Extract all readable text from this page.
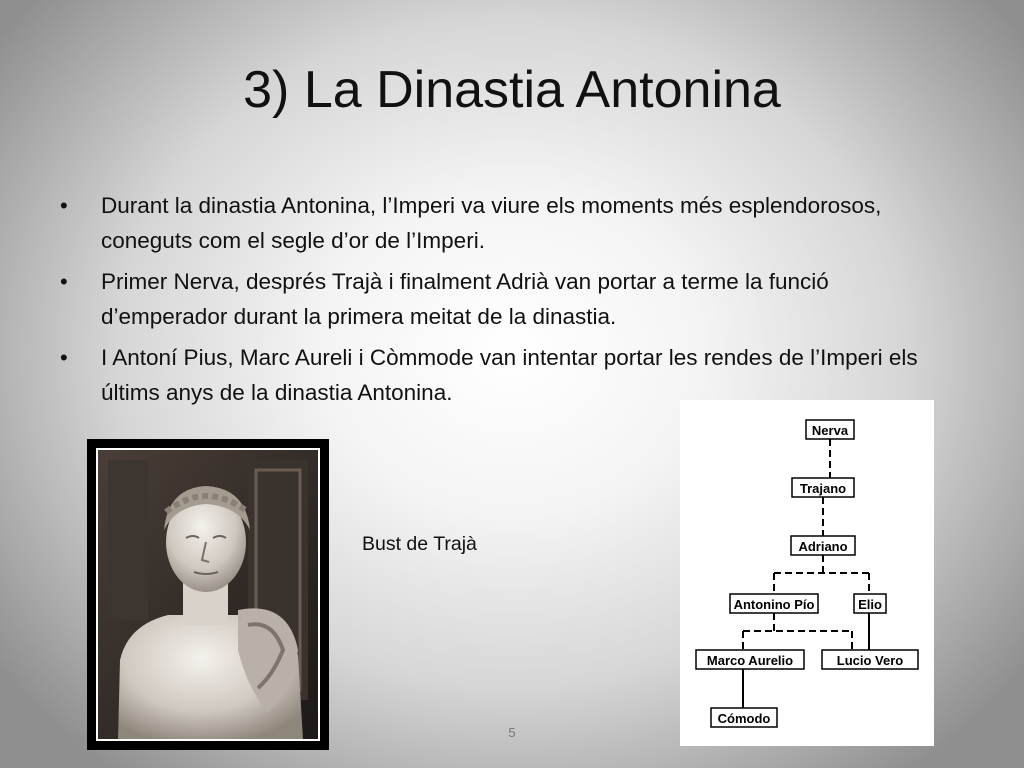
3) La Dinastia Antonina
• Durant la dinastia Antonina, l’Imperi va viure els moments més esplendorosos, coneguts com el segle d’or de l’Imperi.
• Primer Nerva, després Trajà i finalment Adrià van portar a terme la funció d’emperador durant la primera meitat de la dinastia.
• I Antoní Pius, Marc Aureli i Còmmode van intentar portar les rendes de l’Imperi els últims anys de la dinastia Antonina.
Bust de Trajà
Nerva
Trajano
Adriano
Antonino Pío	Elio
Marco Aurelio	Lucio Vero
Cómodo
5
